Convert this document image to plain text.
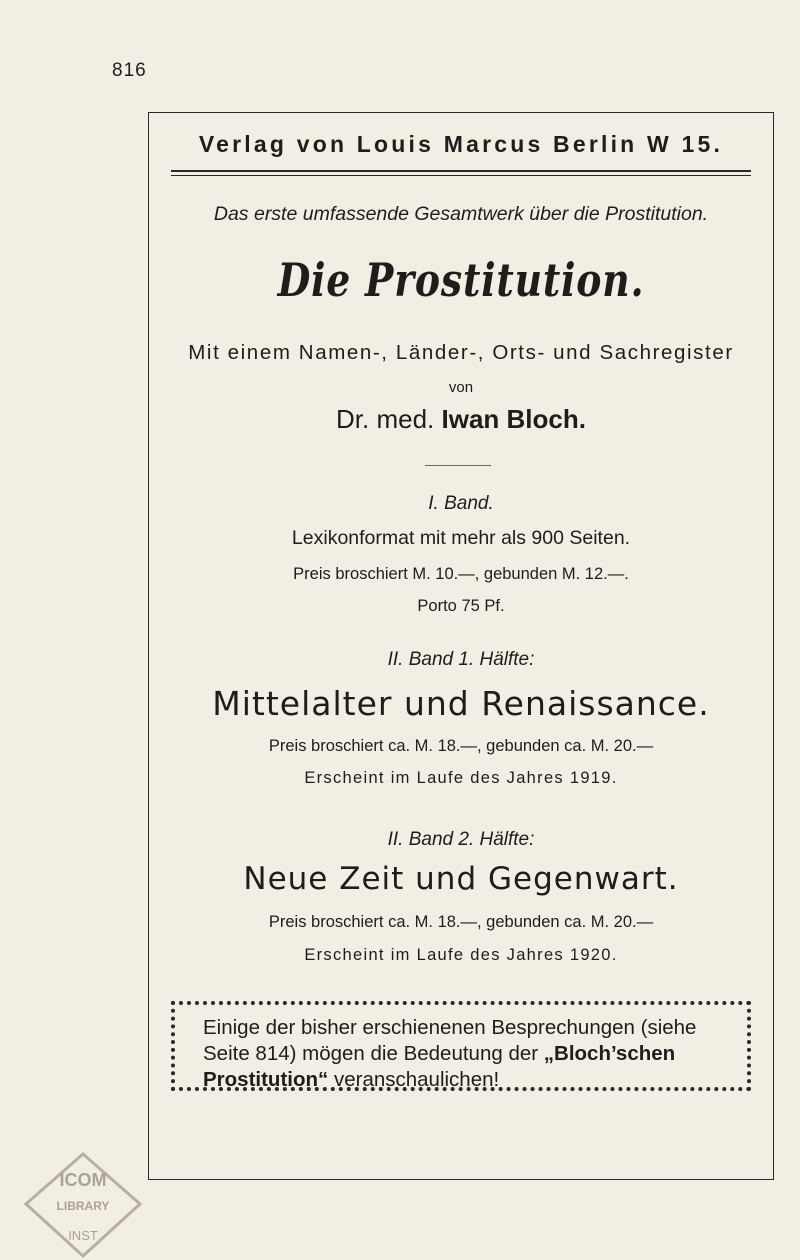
816
Verlag von Louis Marcus Berlin W 15.
Das erste umfassende Gesamtwerk über die Prostitution.
Die Prostitution.
Mit einem Namen-, Länder-, Orts- und Sachregister
von
Dr. med. Iwan Bloch.
I. Band.
Lexikonformat mit mehr als 900 Seiten.
Preis broschiert M. 10.—, gebunden M. 12.—.
Porto 75 Pf.
II. Band 1. Hälfte:
Mittelalter und Renaissance.
Preis broschiert ca. M. 18.—, gebunden ca. M. 20.—
Erscheint im Laufe des Jahres 1919.
II. Band 2. Hälfte:
Neue Zeit und Gegenwart.
Preis broschiert ca. M. 18.—, gebunden ca. M. 20.—
Erscheint im Laufe des Jahres 1920.
Einige der bisher erschienenen Besprechungen (siehe
Seite 814) mögen die Bedeutung der „Bloch’schen
Prostitution“ veranschaulichen!
ICOM
LIBRARY
INST
